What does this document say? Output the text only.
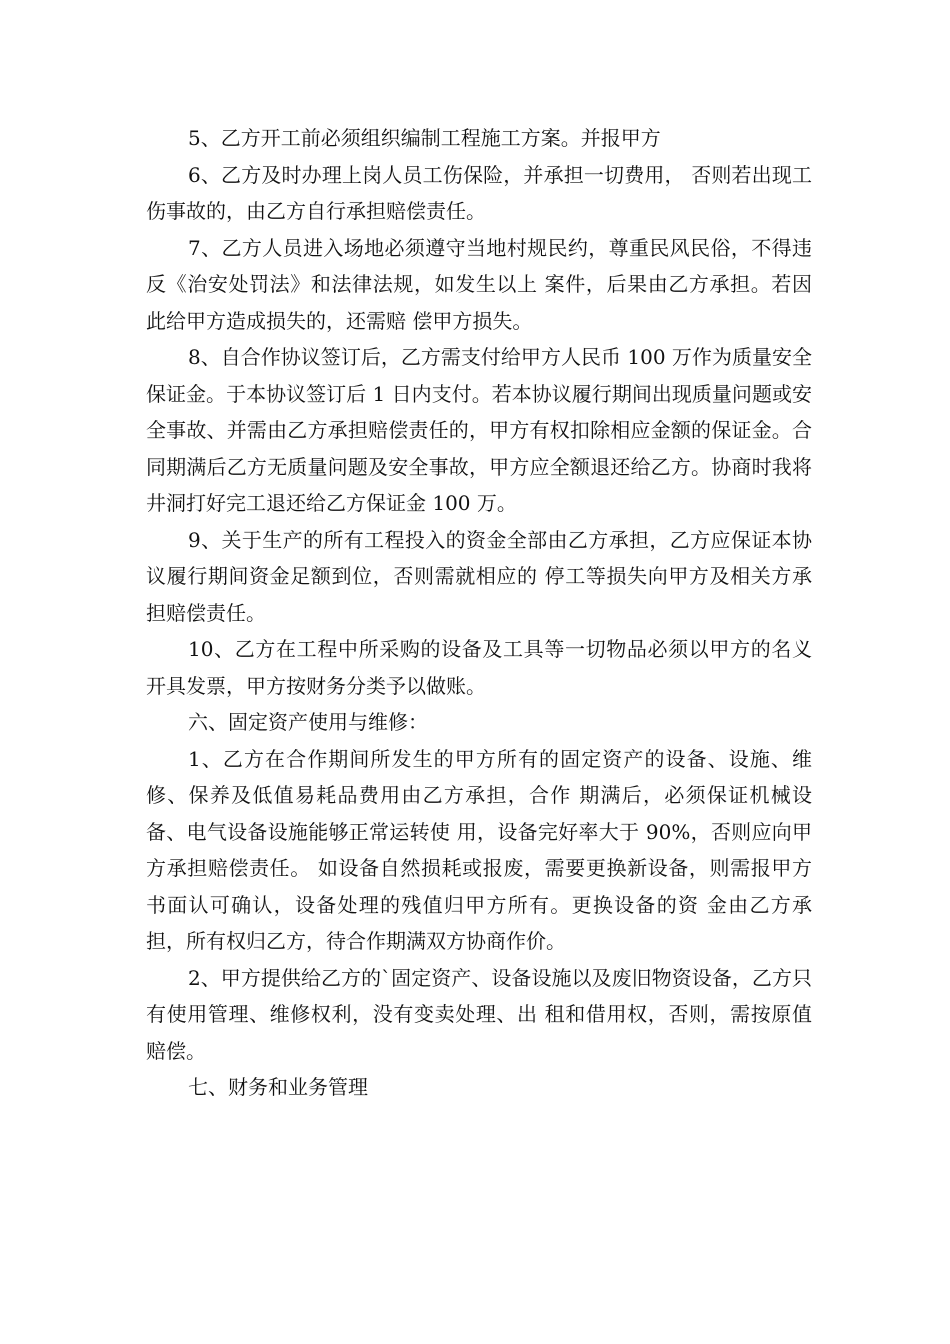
5、乙方开工前必须组织编制工程施工方案。并报甲方

6、乙方及时办理上岗人员工伤保险，并承担一切费用， 否则若出现工伤事故的，由乙方自行承担赔偿责任。

7、乙方人员进入场地必须遵守当地村规民约，尊重民风民俗，不得违反《治安处罚法》和法律法规，如发生以上 案件，后果由乙方承担。若因此给甲方造成损失的，还需赔 偿甲方损失。

8、自合作协议签订后，乙方需支付给甲方人民币 100 万作为质量安全保证金。于本协议签订后 1 日内支付。若本协议履行期间出现质量问题或安全事故、并需由乙方承担赔偿责任的，甲方有权扣除相应金额的保证金。合同期满后乙方无质量问题及安全事故，甲方应全额退还给乙方。协商时我将井洞打好完工退还给乙方保证金 100 万。

9、关于生产的所有工程投入的资金全部由乙方承担，乙方应保证本协议履行期间资金足额到位，否则需就相应的 停工等损失向甲方及相关方承担赔偿责任。

10、乙方在工程中所采购的设备及工具等一切物品必须以甲方的名义开具发票，甲方按财务分类予以做账。

六、固定资产使用与维修：

1、乙方在合作期间所发生的甲方所有的固定资产的设备、设施、维修、保养及低值易耗品费用由乙方承担，合作 期满后，必须保证机械设备、电气设备设施能够正常运转使 用，设备完好率大于 90%，否则应向甲方承担赔偿责任。 如设备自然损耗或报废，需要更换新设备，则需报甲方 书面认可确认，设备处理的残值归甲方所有。更换设备的资 金由乙方承担，所有权归乙方，待合作期满双方协商作价。

2、甲方提供给乙方的`固定资产、设备设施以及废旧物资设备，乙方只有使用管理、维修权利，没有变卖处理、出 租和借用权，否则，需按原值赔偿。

七、财务和业务管理
